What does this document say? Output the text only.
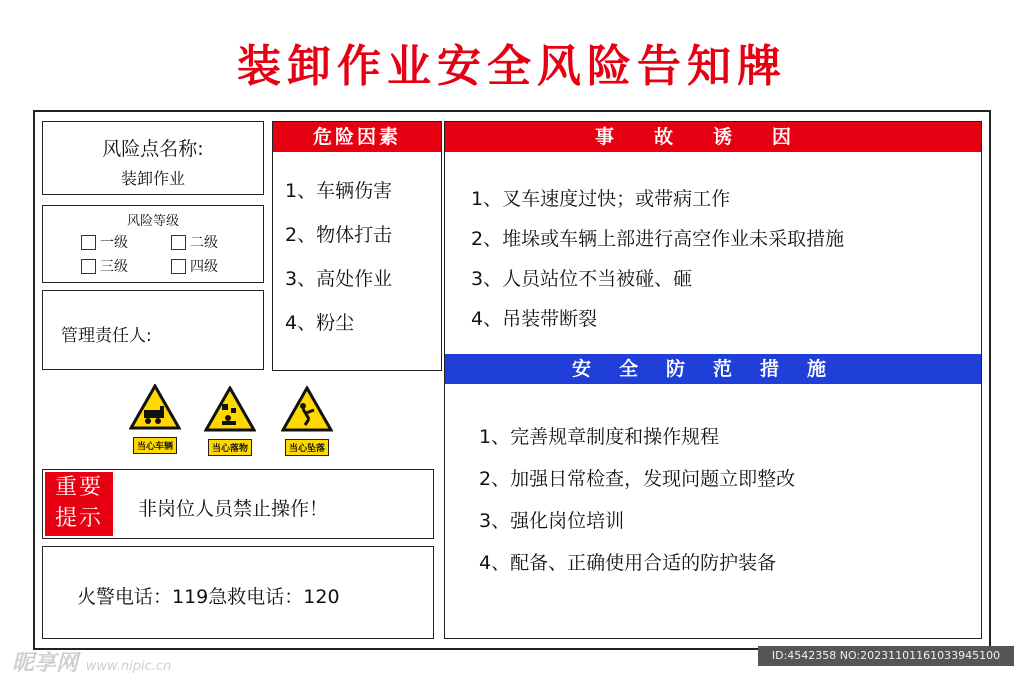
装卸作业安全风险告知牌
风险点名称:
装卸作业
风险等级
一级	二级
三级	四级
管理责任人:
危险因素
1、车辆伤害
2、物体打击
3、高处作业
4、粉尘
事故诱因
1、叉车速度过快；或带病工作
2、堆垛或车辆上部进行高空作业未采取措施
3、人员站位不当被碰、砸
4、吊装带断裂
安全防范措施
1、完善规章制度和操作规程
2、加强日常检查，发现问题立即整改
3、强化岗位培训
4、配备、正确使用合适的防护装备
当心车辆	当心落物	当心坠落
重要
提示	非岗位人员禁止操作！
火警电话：119急救电话：120
昵享网 www.nipic.cn
ID:4542358 NO:20231101161033945100
